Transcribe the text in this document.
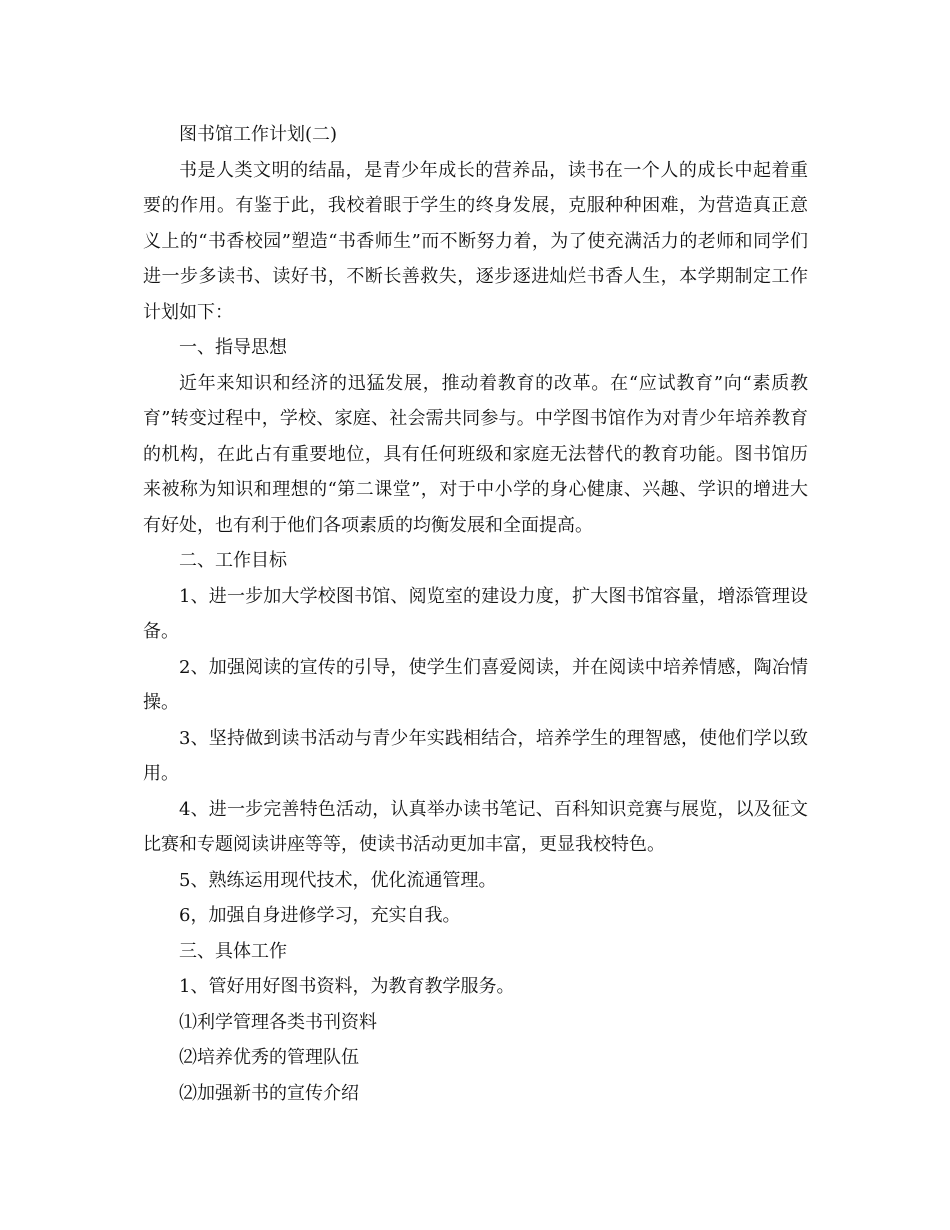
图书馆工作计划(二)

书是人类文明的结晶，是青少年成长的营养品，读书在一个人的成长中起着重要的作用。有鉴于此，我校着眼于学生的终身发展，克服种种困难，为营造真正意义上的“书香校园”塑造“书香师生”而不断努力着，为了使充满活力的老师和同学们进一步多读书、读好书，不断长善救失，逐步逐进灿烂书香人生，本学期制定工作计划如下：

一、指导思想

近年来知识和经济的迅猛发展，推动着教育的改革。在“应试教育”向“素质教育”转变过程中，学校、家庭、社会需共同参与。中学图书馆作为对青少年培养教育的机构，在此占有重要地位，具有任何班级和家庭无法替代的教育功能。图书馆历来被称为知识和理想的“第二课堂”，对于中小学的身心健康、兴趣、学识的增进大有好处，也有利于他们各项素质的均衡发展和全面提高。

二、工作目标

1、进一步加大学校图书馆、阅览室的建设力度，扩大图书馆容量，增添管理设备。

2、加强阅读的宣传的引导，使学生们喜爱阅读，并在阅读中培养情感，陶冶情操。

3、坚持做到读书活动与青少年实践相结合，培养学生的理智感，使他们学以致用。

4、进一步完善特色活动，认真举办读书笔记、百科知识竞赛与展览，以及征文比赛和专题阅读讲座等等，使读书活动更加丰富，更显我校特色。

5、熟练运用现代技术，优化流通管理。

6，加强自身进修学习，充实自我。

三、具体工作

1、管好用好图书资料，为教育教学服务。

⑴利学管理各类书刊资料

⑵培养优秀的管理队伍

⑵加强新书的宣传介绍
